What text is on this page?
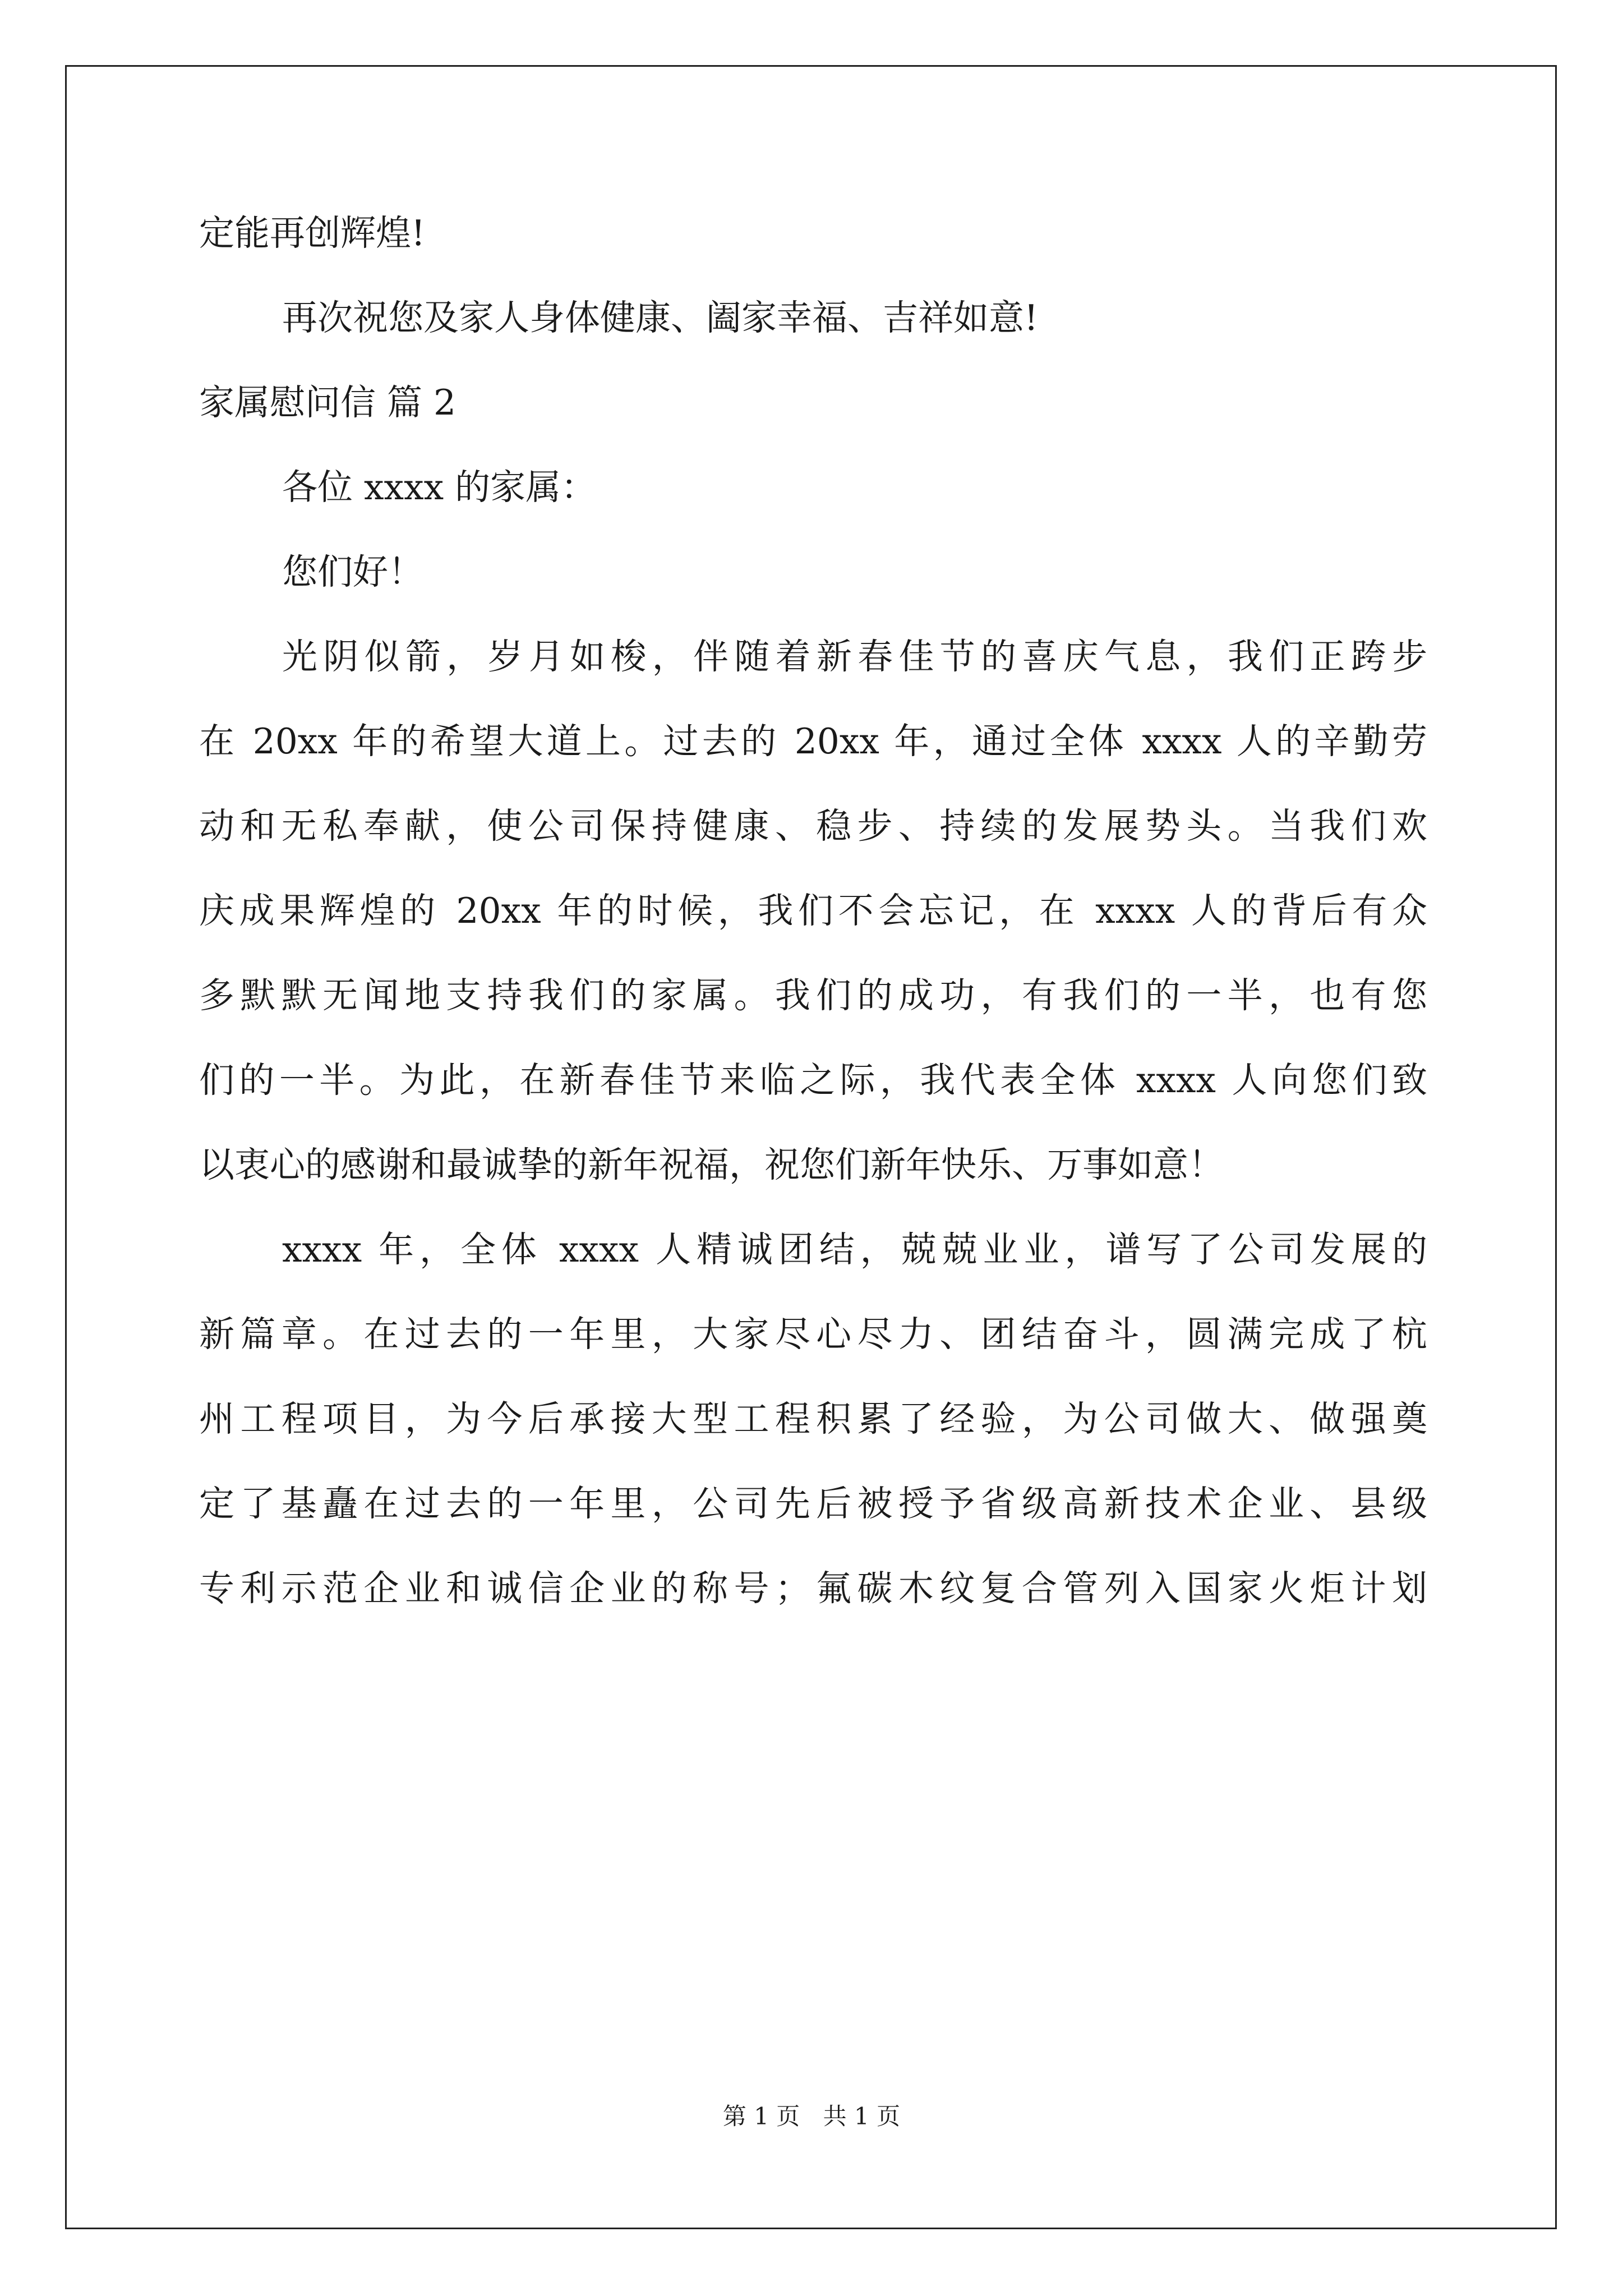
定能再创辉煌!
再次祝您及家人身体健康、阖家幸福、吉祥如意!
家属慰问信 篇 2
各位 xxxx 的家属：
您们好！
光阴似箭，岁月如梭，伴随着新春佳节的喜庆气息，我们正跨步
在 20xx 年的希望大道上。过去的 20xx 年，通过全体 xxxx 人的辛勤劳
动和无私奉献，使公司保持健康、稳步、持续的发展势头。当我们欢
庆成果辉煌的 20xx 年的时候，我们不会忘记，在 xxxx 人的背后有众
多默默无闻地支持我们的家属。我们的成功，有我们的一半，也有您
们的一半。为此，在新春佳节来临之际，我代表全体 xxxx 人向您们致
以衷心的感谢和最诚挚的新年祝福，祝您们新年快乐、万事如意！
xxxx 年，全体 xxxx 人精诚团结，兢兢业业，谱写了公司发展的
新篇章。在过去的一年里，大家尽心尽力、团结奋斗，圆满完成了杭
州工程项目，为今后承接大型工程积累了经验，为公司做大、做强奠
定了基矗在过去的一年里，公司先后被授予省级高新技术企业、县级
专利示范企业和诚信企业的称号；氟碳木纹复合管列入国家火炬计划
第 1 页 共 1 页
